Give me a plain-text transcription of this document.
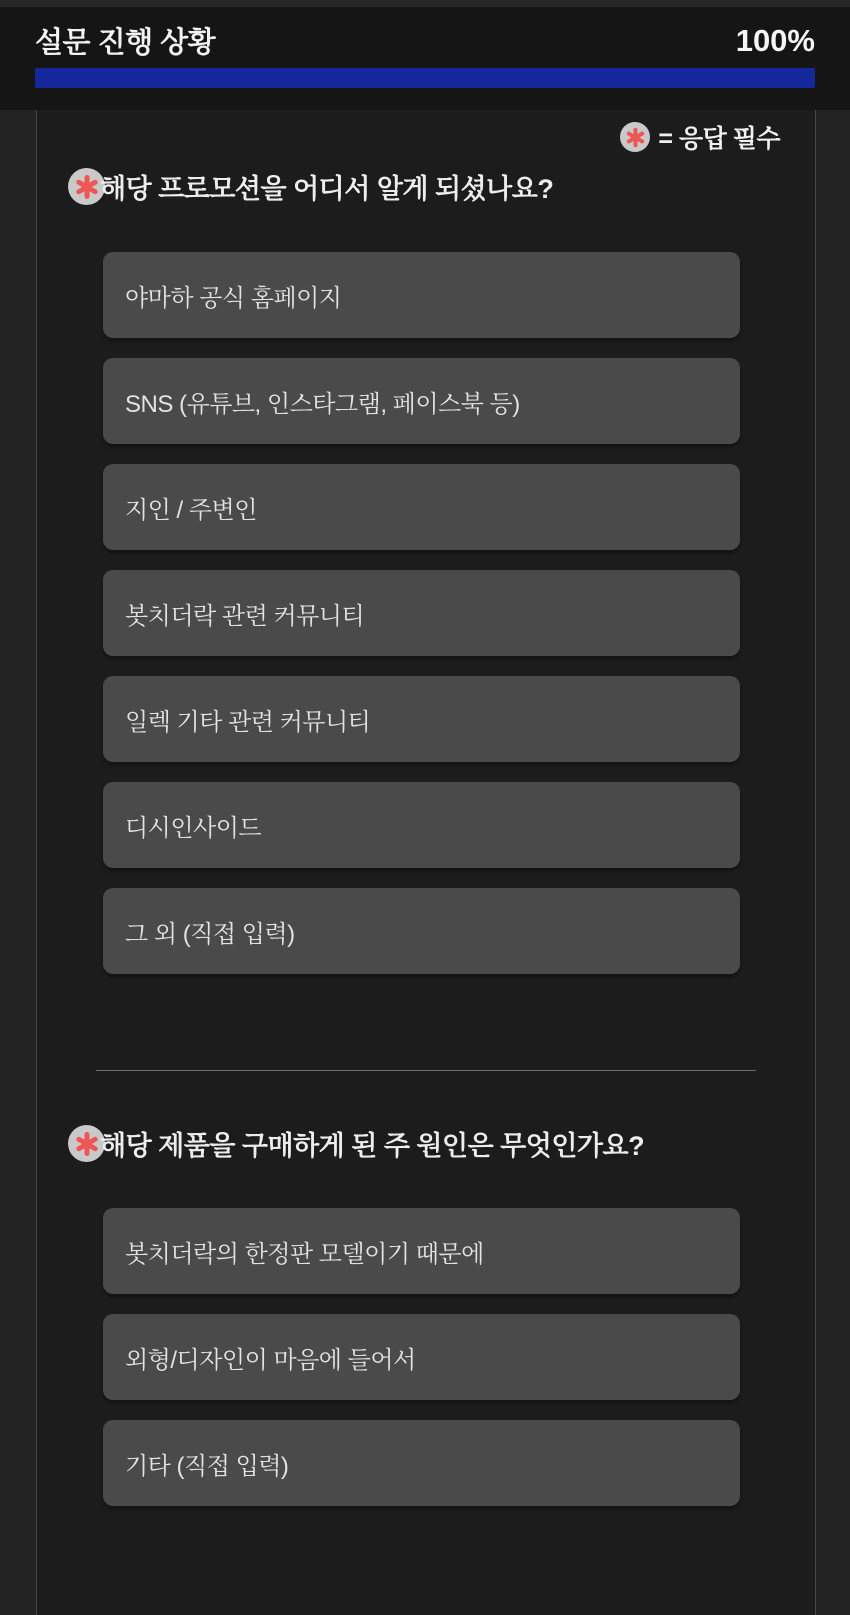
설문 진행 상황	100%
= 응답 필수
해당 프로모션을 어디서 알게 되셨나요?
야마하 공식 홈페이지
SNS (유튜브, 인스타그램, 페이스북 등)
지인 / 주변인
봇치더락 관련 커뮤니티
일렉 기타 관련 커뮤니티
디시인사이드
그 외 (직접 입력)
해당 제품을 구매하게 된 주 원인은 무엇인가요?
봇치더락의 한정판 모델이기 때문에
외형/디자인이 마음에 들어서
기타 (직접 입력)
